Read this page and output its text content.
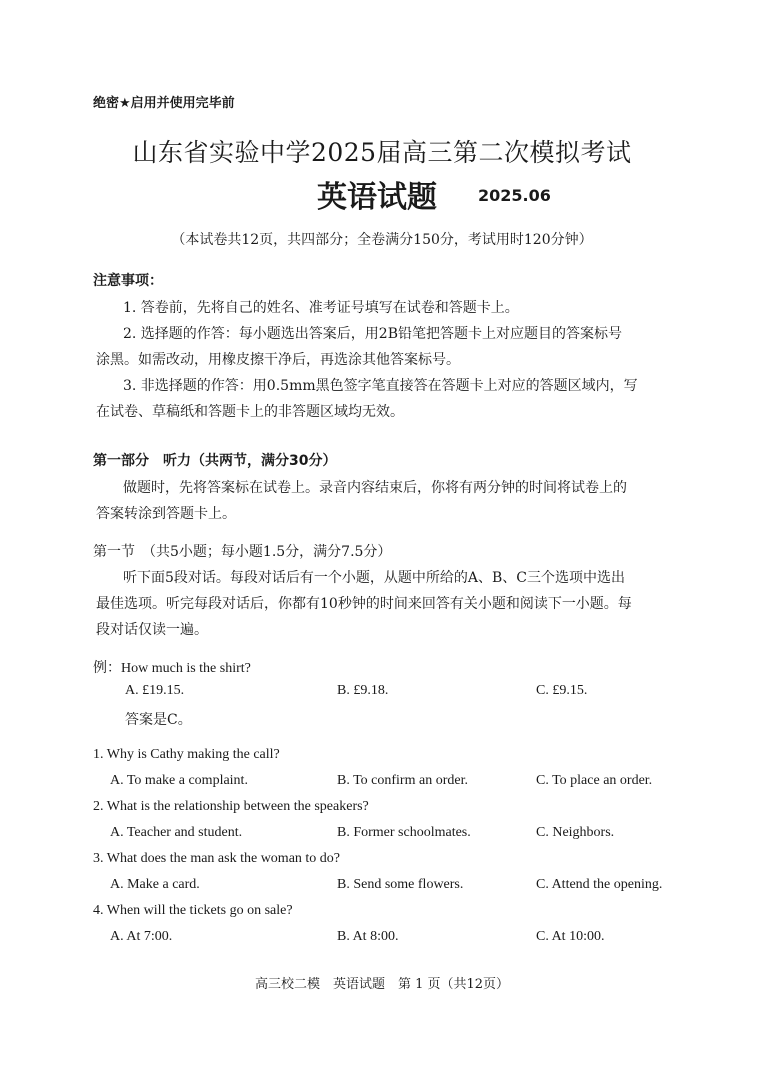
绝密★启用并使用完毕前
山东省实验中学2025届高三第二次模拟考试
英语试题	2025.06
（本试卷共12页，共四部分；全卷满分150分，考试用时120分钟）
注意事项：
1. 答卷前，先将自己的姓名、准考证号填写在试卷和答题卡上。
2. 选择题的作答：每小题选出答案后，用2B铅笔把答题卡上对应题目的答案标号
涂黑。如需改动，用橡皮擦干净后，再选涂其他答案标号。
3. 非选择题的作答：用0.5mm黑色签字笔直接答在答题卡上对应的答题区域内，写
在试卷、草稿纸和答题卡上的非答题区域均无效。
第一部分　听力（共两节，满分30分）
做题时，先将答案标在试卷上。录音内容结束后，你将有两分钟的时间将试卷上的
答案转涂到答题卡上。
第一节　（共5小题；每小题1.5分，满分7.5分）
听下面5段对话。每段对话后有一个小题，从题中所给的A、B、C三个选项中选出
最佳选项。听完每段对话后，你都有10秒钟的时间来回答有关小题和阅读下一小题。每
段对话仅读一遍。
例：How much is the shirt?
A. £19.15.	B. £9.18.	C. £9.15.
答案是C。
1. Why is Cathy making the call?
A. To make a complaint.	B. To confirm an order.	C. To place an order.
2. What is the relationship between the speakers?
A. Teacher and student.	B. Former schoolmates.	C. Neighbors.
3. What does the man ask the woman to do?
A. Make a card.	B. Send some flowers.	C. Attend the opening.
4. When will the tickets go on sale?
A. At 7:00.	B. At 8:00.	C. At 10:00.
高三校二模　英语试题　第 1 页（共12页）
